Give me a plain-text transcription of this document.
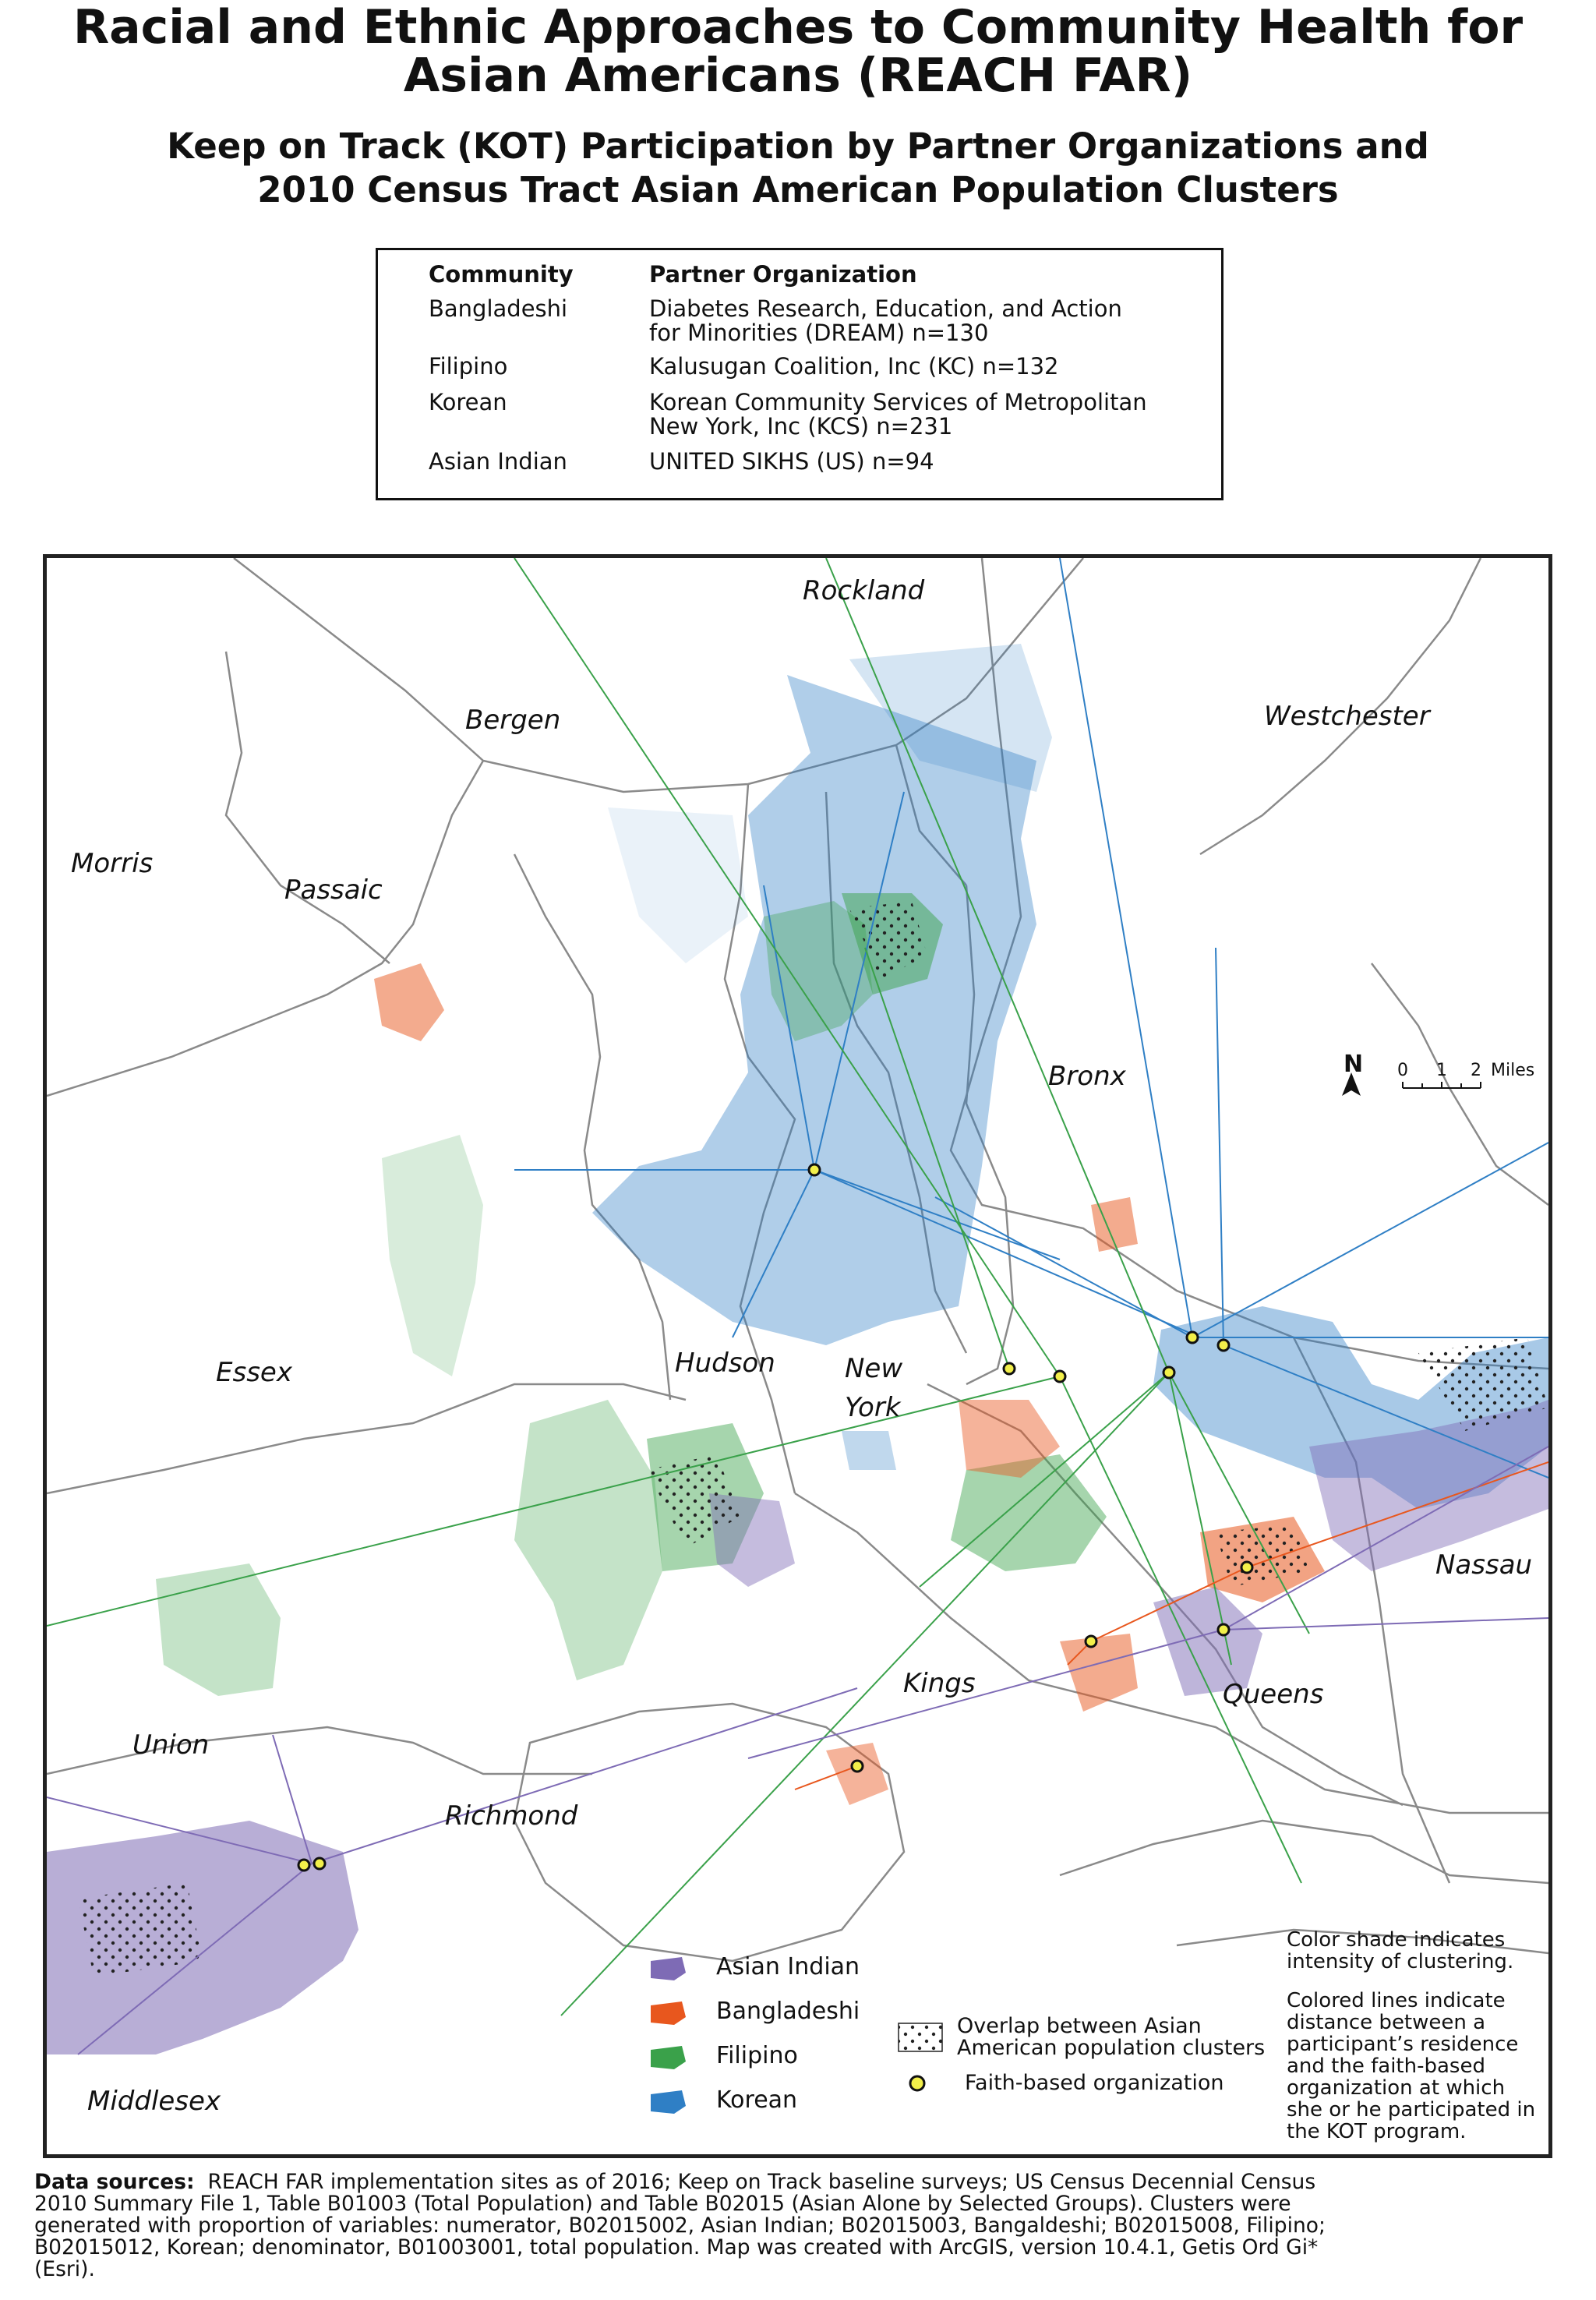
Racial and Ethnic Approaches to Community Health for
Asian Americans (REACH FAR)
Keep on Track (KOT) Participation by Partner Organizations and
2010 Census Tract Asian American Population Clusters
Community	Partner Organization
Bangladeshi	Diabetes Research, Education, and Action
for Minorities (DREAM) n=130
Filipino	Kalusugan Coalition, Inc (KC) n=132
Korean	Korean Community Services of Metropolitan
New York, Inc (KCS) n=231
Asian Indian	UNITED SIKHS (US) n=94
Rockland
Bergen	Westchester
Morris
Passaic
Bronx
Essex	Hudson	New
York
Nassau
Kings	Queens
Union
Richmond
Middlesex
N 0 1 2 Miles
Asian Indian
Bangladeshi
Filipino
Korean
Overlap between Asian
American population clusters
Faith-based organization
Color shade indicates
intensity of clustering.
Colored lines indicate
distance between a
participant’s residence
and the faith-based
organization at which
she or he participated in
the KOT program.
Data sources: REACH FAR implementation sites as of 2016; Keep on Track baseline surveys; US Census Decennial Census
2010 Summary File 1, Table B01003 (Total Population) and Table B02015 (Asian Alone by Selected Groups). Clusters were
generated with proportion of variables: numerator, B02015002, Asian Indian; B02015003, Bangaldeshi; B02015008, Filipino;
B02015012, Korean; denominator, B01003001, total population. Map was created with ArcGIS, version 10.4.1, Getis Ord Gi*
(Esri).
